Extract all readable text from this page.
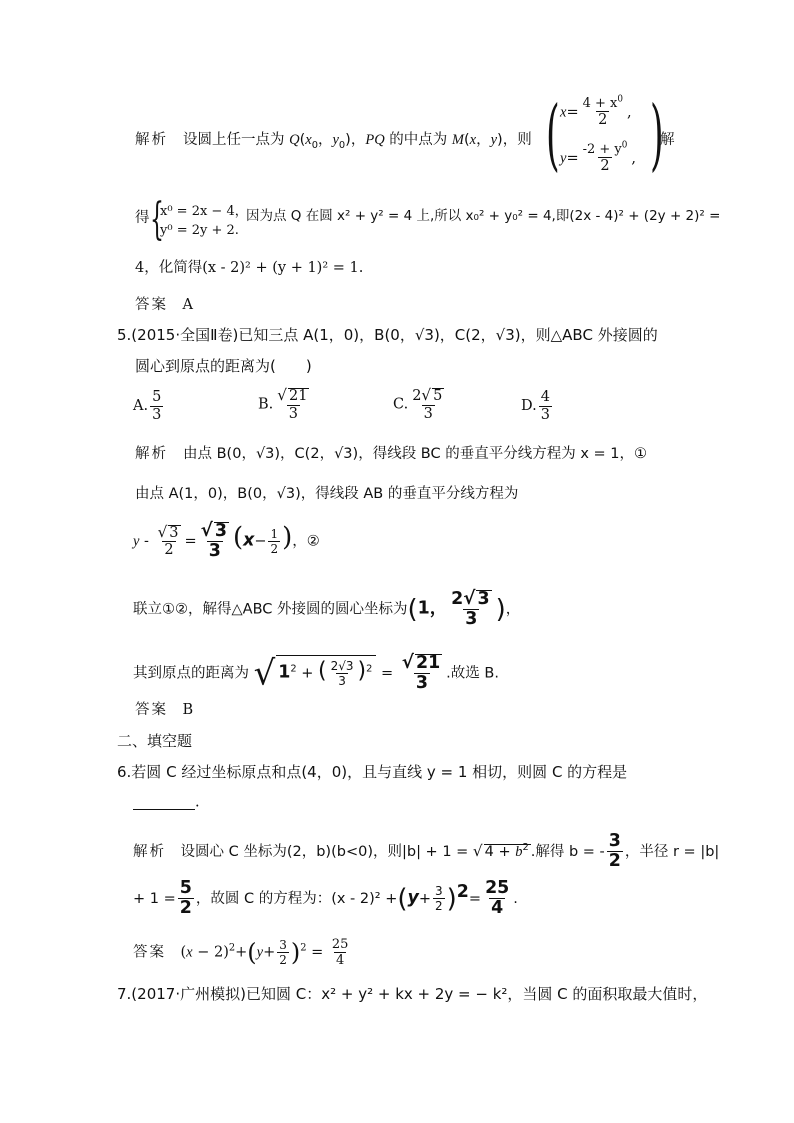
解析 设圆上任一点为 $Q(x_0$，$y_0$)，PQ 的中点为 M(x，y)，则 ( $x= \frac{4 + x^0}{2}$ ,
$y= \frac{-2 + y^0}{2}$ , )
解
得 {
x⁰ = 2x − 4，
y⁰ = 2y + 2.
因为点 Q 在圆 x² + y² = 4 上,所以 x₀² + y₀² = 4,即(2x - 4)² + (2y + 2)² =
4，化简得(x - 2)² + (y + 1)² = 1.
答案　 A
5.(2015·全国Ⅱ卷)已知三点 A(1，0)，B(0，√3)，C(2，√3)，则△ABC 外接圆的
圆心到原点的距离为(　　)
A. $\frac{5}{3}$	B. $\frac{√ 21}{3}$	C. $\frac{2√ 5}{3}$	D. $\frac{4}{3}$
解析 由点 B(0，√3)，C(2，√3)，得线段 BC 的垂直平分线方程为 x = 1，①
由点 A(1，0)，B(0，√3)，得线段 AB 的垂直平分线方程为
$y - \frac{√ 3}{2} = \frac{√ 3}{3} (x- \frac{1}{2}$ )，②
联立①②，解得△ABC 外接圆的圆心坐标为(1， $\frac{2√ 3}{3}$ )，
其到原点的距离为 √ $1^2$ + ( $\frac{2√3}{3} )^2 = \frac{√ 21}{3}$ .故选 B.
答案　 B
二、填空题
6.若圆 C 经过坐标原点和点(4，0)，且与直线 y = 1 相切，则圆 C 的方程是
.
解析　 设圆心 C 坐标为(2，b)(b<0)，则|b| + 1 = √ $4 + b^2$ .解得 b = - $\frac{3}{2}$ ，半径 r = |b|
+ $1 = \frac{5}{2}$ ，故圆 C 的方程为：$(x - 2)^2 +(y+ \frac{3}{2} )^2= \frac{25}{4}$ .
答案　$(x - 2)^2+(y+ \frac{3}{2} )^2 = \frac{25}{4}$
7.(2017·广州模拟)已知圆 C：x² + y² + kx + 2y = − k²，当圆 C 的面积取最大值时，
